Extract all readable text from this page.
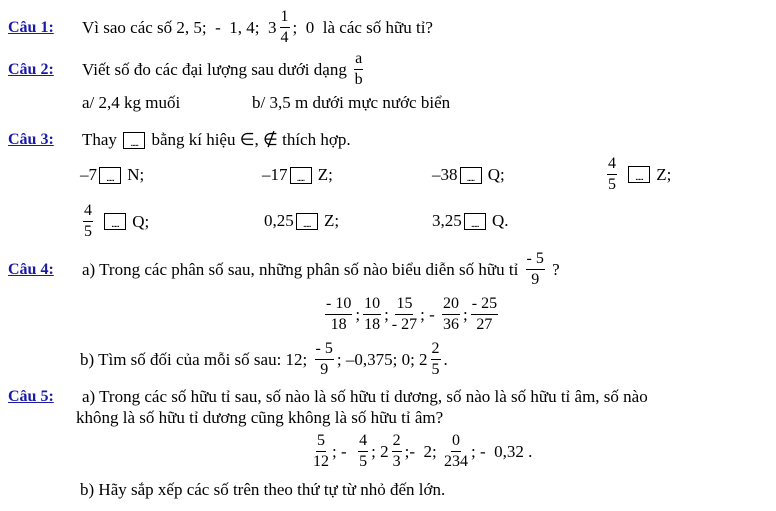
Câu 1:	Vì sao các số 2, 5;  -  1, 4;  $3 \frac{1}{4}$ ;  0  là các số hữu tỉ?
Câu 2:	Viết số đo các đại lượng sau dưới dạng $\frac{a}{b}$
a/ 2,4 kg muối	b/ 3,5 m dưới mực nước biển
Câu 3:	Thay ..... bằng kí hiệu ∈, ∉ thích hợp.
–7 ..... N;	–17 ..... Z;	–38 ..... Q;	$\frac{4}{5}$	..... Z;
$\frac{4}{5}$	..... Q;	0,25 ..... Z;	3,25 ..... Q.
Câu 4:	a) Trong các phân số sau, những phân số nào biểu diễn số hữu tỉ $\frac{- 5}{9}$ ?
$\frac{- 10}{18}$ ; $\frac{10}{18}$ ; $\frac{15}{- 27}$ ; - $\frac{20}{36}$ ; $\frac{- 25}{27}$
b) Tìm số đối của mỗi số sau: 12; $\frac{- 5}{9}$ ; –0,375; 0; $2 \frac{2}{5}$ .
Câu 5:	a) Trong các số hữu tỉ sau, số nào là số hữu tỉ dương, số nào là số hữu tỉ âm, số nào
không là số hữu tỉ dương cũng không là số hữu tỉ âm?
$\frac{5}{12}$ ; - $\frac{4}{5}$ ; $2 \frac{2}{3}$ ;-  2; $\frac{0}{234}$ ; -  0,32 .
b) Hãy sắp xếp các số trên theo thứ tự từ nhỏ đến lớn.
